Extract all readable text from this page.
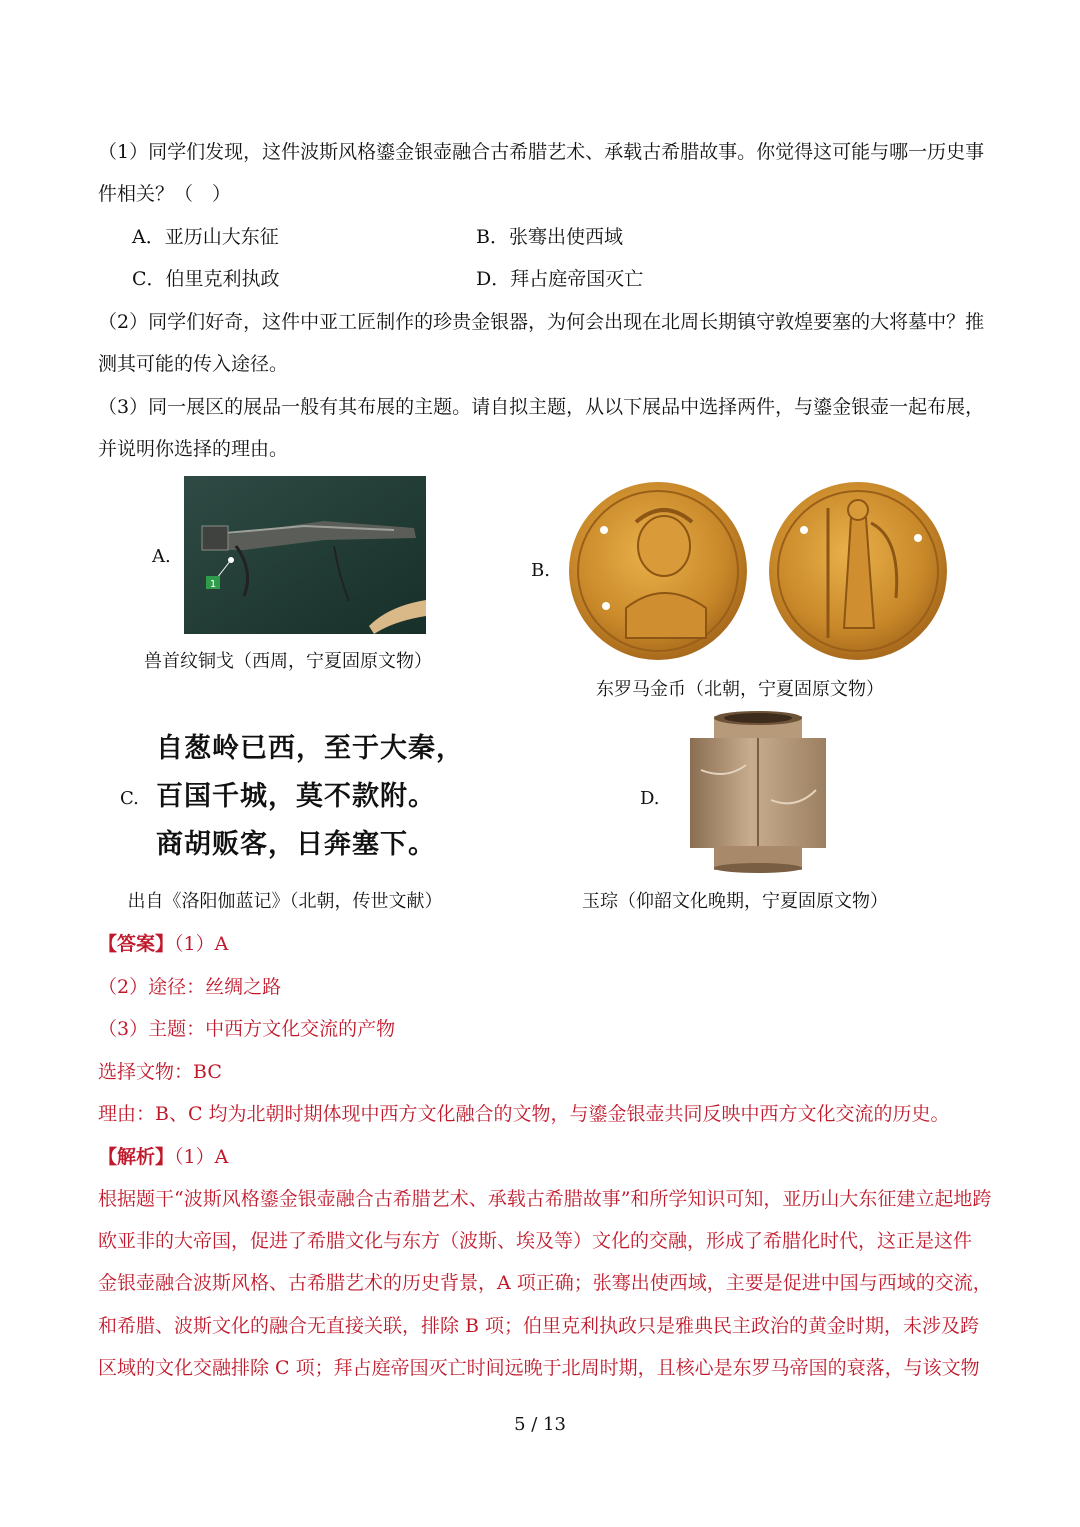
（1）同学们发现，这件波斯风格鎏金银壶融合古希腊艺术、承载古希腊故事。你觉得这可能与哪一历史事
件相关？（　）
A．亚历山大东征	B．张骞出使西域
C．伯里克利执政	D．拜占庭帝国灭亡
（2）同学们好奇，这件中亚工匠制作的珍贵金银器，为何会出现在北周长期镇守敦煌要塞的大将墓中？推
测其可能的传入途径。
（3）同一展区的展品一般有其布展的主题。请自拟主题，从以下展品中选择两件，与鎏金银壶一起布展，
并说明你选择的理由。
A.
1
兽首纹铜戈（西周，宁夏固原文物）
B.
东罗马金币（北朝，宁夏固原文物）
C.
自葱岭已西，至于大秦，
百国千城，莫不款附。
商胡贩客，日奔塞下。
出自《洛阳伽蓝记》（北朝，传世文献）
D.
玉琮（仰韶文化晚期，宁夏固原文物）
【答案】（1）A
（2）途径：丝绸之路
（3）主题：中西方文化交流的产物
选择文物：BC
理由：B、C 均为北朝时期体现中西方文化融合的文物，与鎏金银壶共同反映中西方文化交流的历史。
【解析】（1）A
根据题干“波斯风格鎏金银壶融合古希腊艺术、承载古希腊故事”和所学知识可知，亚历山大东征建立起地跨
欧亚非的大帝国，促进了希腊文化与东方（波斯、埃及等）文化的交融，形成了希腊化时代，这正是这件
金银壶融合波斯风格、古希腊艺术的历史背景，A 项正确；张骞出使西域，主要是促进中国与西域的交流，
和希腊、波斯文化的融合无直接关联，排除 B 项；伯里克利执政只是雅典民主政治的黄金时期，未涉及跨
区域的文化交融排除 C 项；拜占庭帝国灭亡时间远晚于北周时期，且核心是东罗马帝国的衰落，与该文物
5 / 13
